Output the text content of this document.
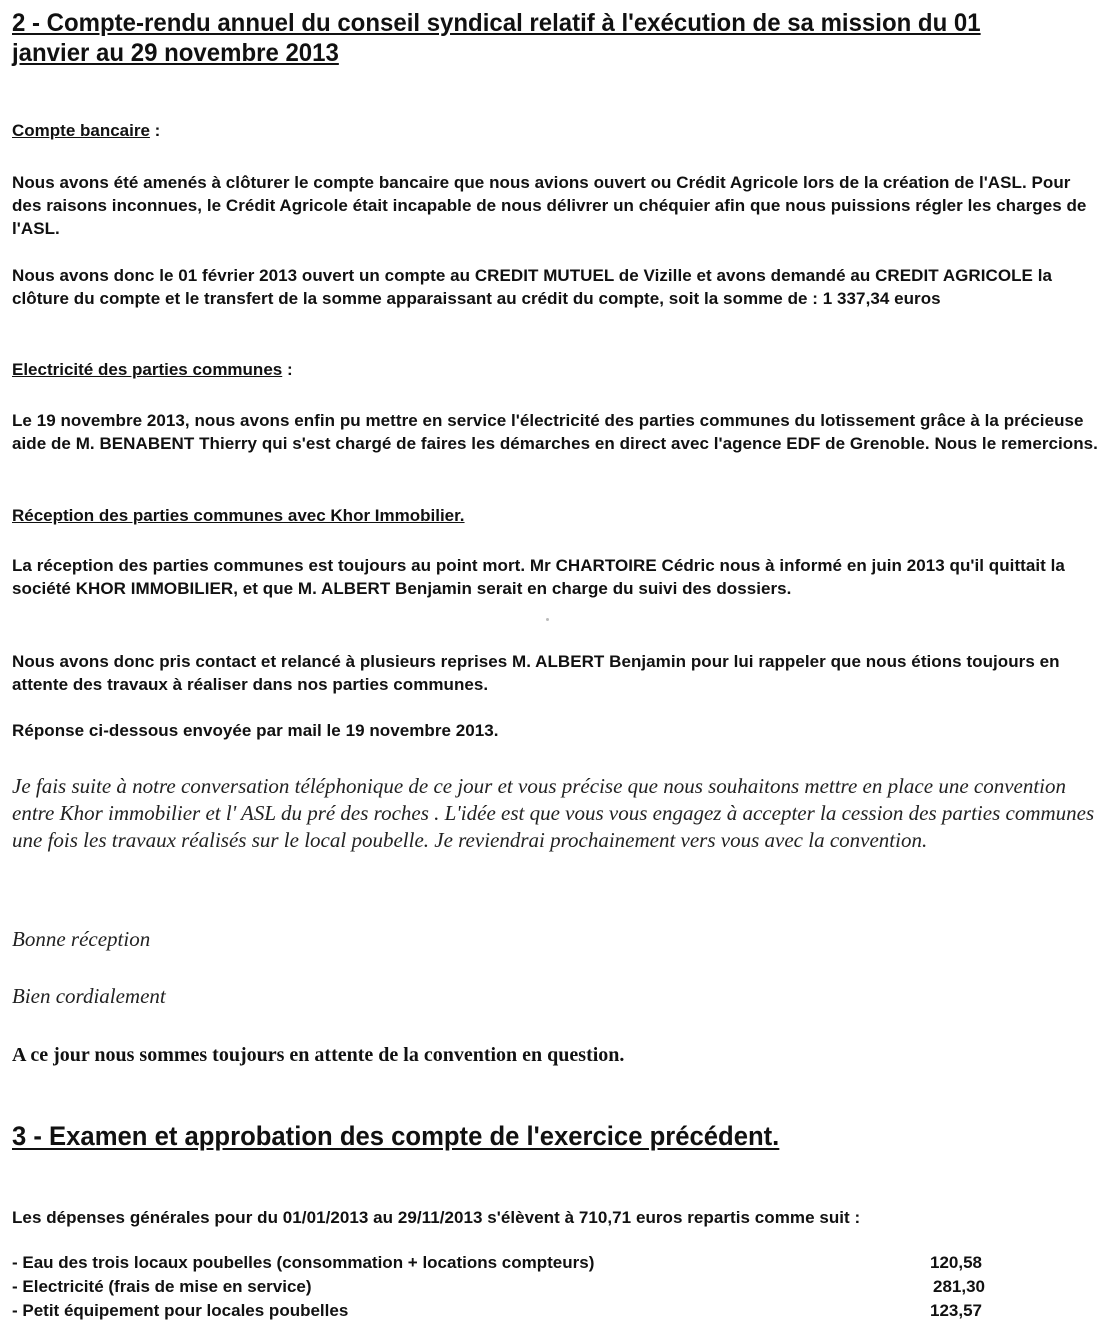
2 - Compte-rendu annuel du conseil syndical relatif à l'exécution de sa mission du 01 janvier au 29 novembre 2013
Compte bancaire :
Nous avons été amenés à clôturer le compte bancaire que nous avions ouvert ou Crédit Agricole lors de la création de l'ASL. Pour des raisons inconnues, le Crédit Agricole était incapable de nous délivrer un chéquier afin que nous puissions régler les charges de l'ASL.
Nous avons donc le 01 février 2013 ouvert un compte au CREDIT MUTUEL de Vizille et avons demandé au CREDIT AGRICOLE la clôture du compte et le transfert de la somme apparaissant au crédit du compte, soit la somme de : 1 337,34 euros
Electricité des parties communes :
Le 19 novembre 2013, nous avons enfin pu mettre en service l'électricité des parties communes du lotissement grâce à la précieuse aide de M. BENABENT Thierry qui s'est chargé de faires les démarches en direct avec l'agence EDF de Grenoble. Nous le remercions.
Réception des parties communes avec Khor Immobilier.
La réception des parties communes est toujours au point mort. Mr CHARTOIRE Cédric nous à informé en juin 2013 qu'il quittait la société KHOR IMMOBILIER, et que M. ALBERT Benjamin serait en charge du suivi des dossiers.
Nous avons donc pris contact et relancé à plusieurs reprises M. ALBERT Benjamin pour lui rappeler que nous étions toujours en attente des travaux à réaliser dans nos parties communes.
Réponse ci-dessous envoyée par mail le 19 novembre 2013.
Je fais suite à notre conversation téléphonique de ce jour et vous précise que nous souhaitons mettre en place une convention entre Khor immobilier et l' ASL du pré des roches . L'idée est que vous vous engagez à accepter la cession des parties communes une fois les travaux réalisés sur le local poubelle. Je reviendrai prochainement vers vous avec la convention.
Bonne réception
Bien cordialement
A ce jour nous sommes toujours en attente de la convention en question.
3 - Examen et approbation des compte de l'exercice précédent.
Les dépenses générales pour du 01/01/2013 au 29/11/2013 s'élèvent à 710,71 euros repartis comme suit :
- Eau des trois locaux poubelles (consommation + locations compteurs)	120,58
- Electricité (frais de mise en service)	281,30
- Petit équipement pour locales poubelles	123,57
